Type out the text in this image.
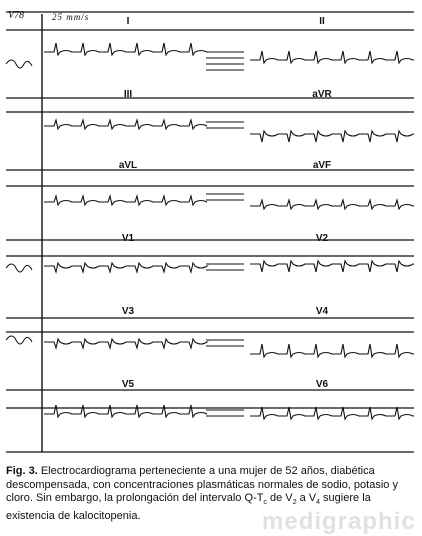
V78	25 mm/s	I	II
III	aVR
aVL	aVF
V1	V2
V3	V4
V5	V6
Fig. 3. Electrocardiograma perteneciente a una mujer de 52 años, diabética descompensada, con concentraciones plasmáticas normales de sodio, potasio y cloro. Sin embargo, la prolongación del intervalo $Q-T_c$ de $V_2$ a $V_4$ sugiere la existencia de kalocitopenia.	medigraphic
